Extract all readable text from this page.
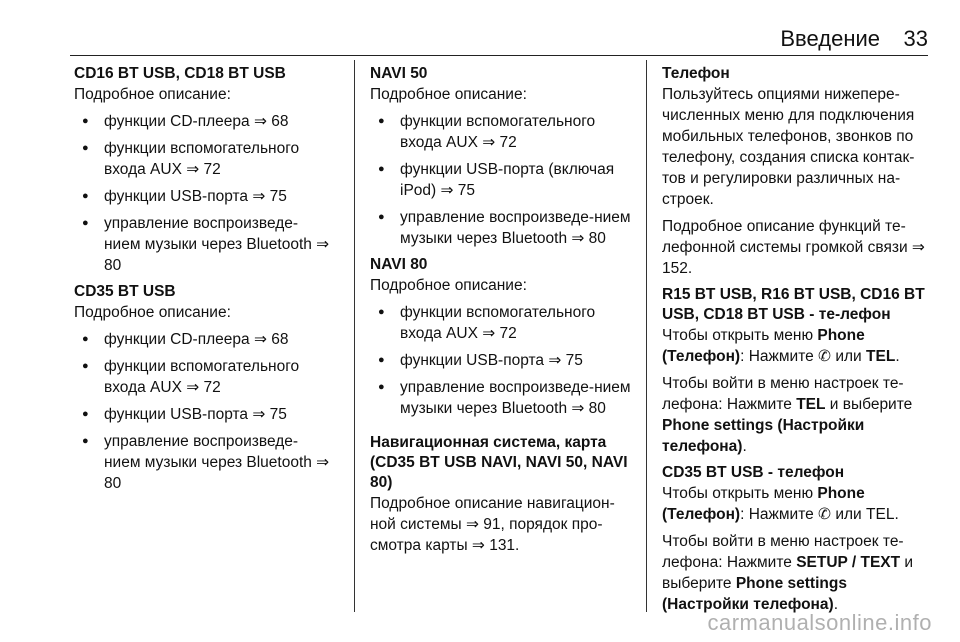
Введение 33
CD16 BT USB, CD18 BT USB

Подробное описание:

● функции CD-плеера ⇒ 68
● функции вспомогательного входа AUX ⇒ 72
● функции USB-порта ⇒ 75
● управление воспроизведе-нием музыки через Bluetooth ⇒ 80
CD35 BT USB

Подробное описание:

● функции CD-плеера ⇒ 68
● функции вспомогательного входа AUX ⇒ 72
● функции USB-порта ⇒ 75
● управление воспроизведе-нием музыки через Bluetooth ⇒ 80
NAVI 50

Подробное описание:

● функции вспомогательного входа AUX ⇒ 72
● функции USB-порта (включая iPod) ⇒ 75
● управление воспроизведе-нием музыки через Bluetooth ⇒ 80
NAVI 80

Подробное описание:

● функции вспомогательного входа AUX ⇒ 72
● функции USB-порта ⇒ 75
● управление воспроизведе-нием музыки через Bluetooth ⇒ 80
Навигационная система, карта (CD35 BT USB NAVI, NAVI 50, NAVI 80)

Подробное описание навигацион-ной системы ⇒ 91, порядок про-смотра карты ⇒ 131.

Телефон

Пользуйтесь опциями нижепере-численных меню для подключения мобильных телефонов, звонков по телефону, создания списка контак-тов и регулировки различных на-строек.

Подробное описание функций те-лефонной системы громкой связи ⇒ 152.

R15 BT USB, R16 BT USB, CD16 BT USB, CD18 BT USB - те-лефон

Чтобы открыть меню Phone (Телефон): Нажмите ✆ или TEL.

Чтобы войти в меню настроек те-лефона: Нажмите TEL и выберите Phone settings (Настройки телефона).

CD35 BT USB - телефон

Чтобы открыть меню Phone (Телефон): Нажмите ✆ или TEL.

Чтобы войти в меню настроек те-лефона: Нажмите SETUP / TEXT и выберите Phone settings (Настройки телефона).

carmanualsonline.info
